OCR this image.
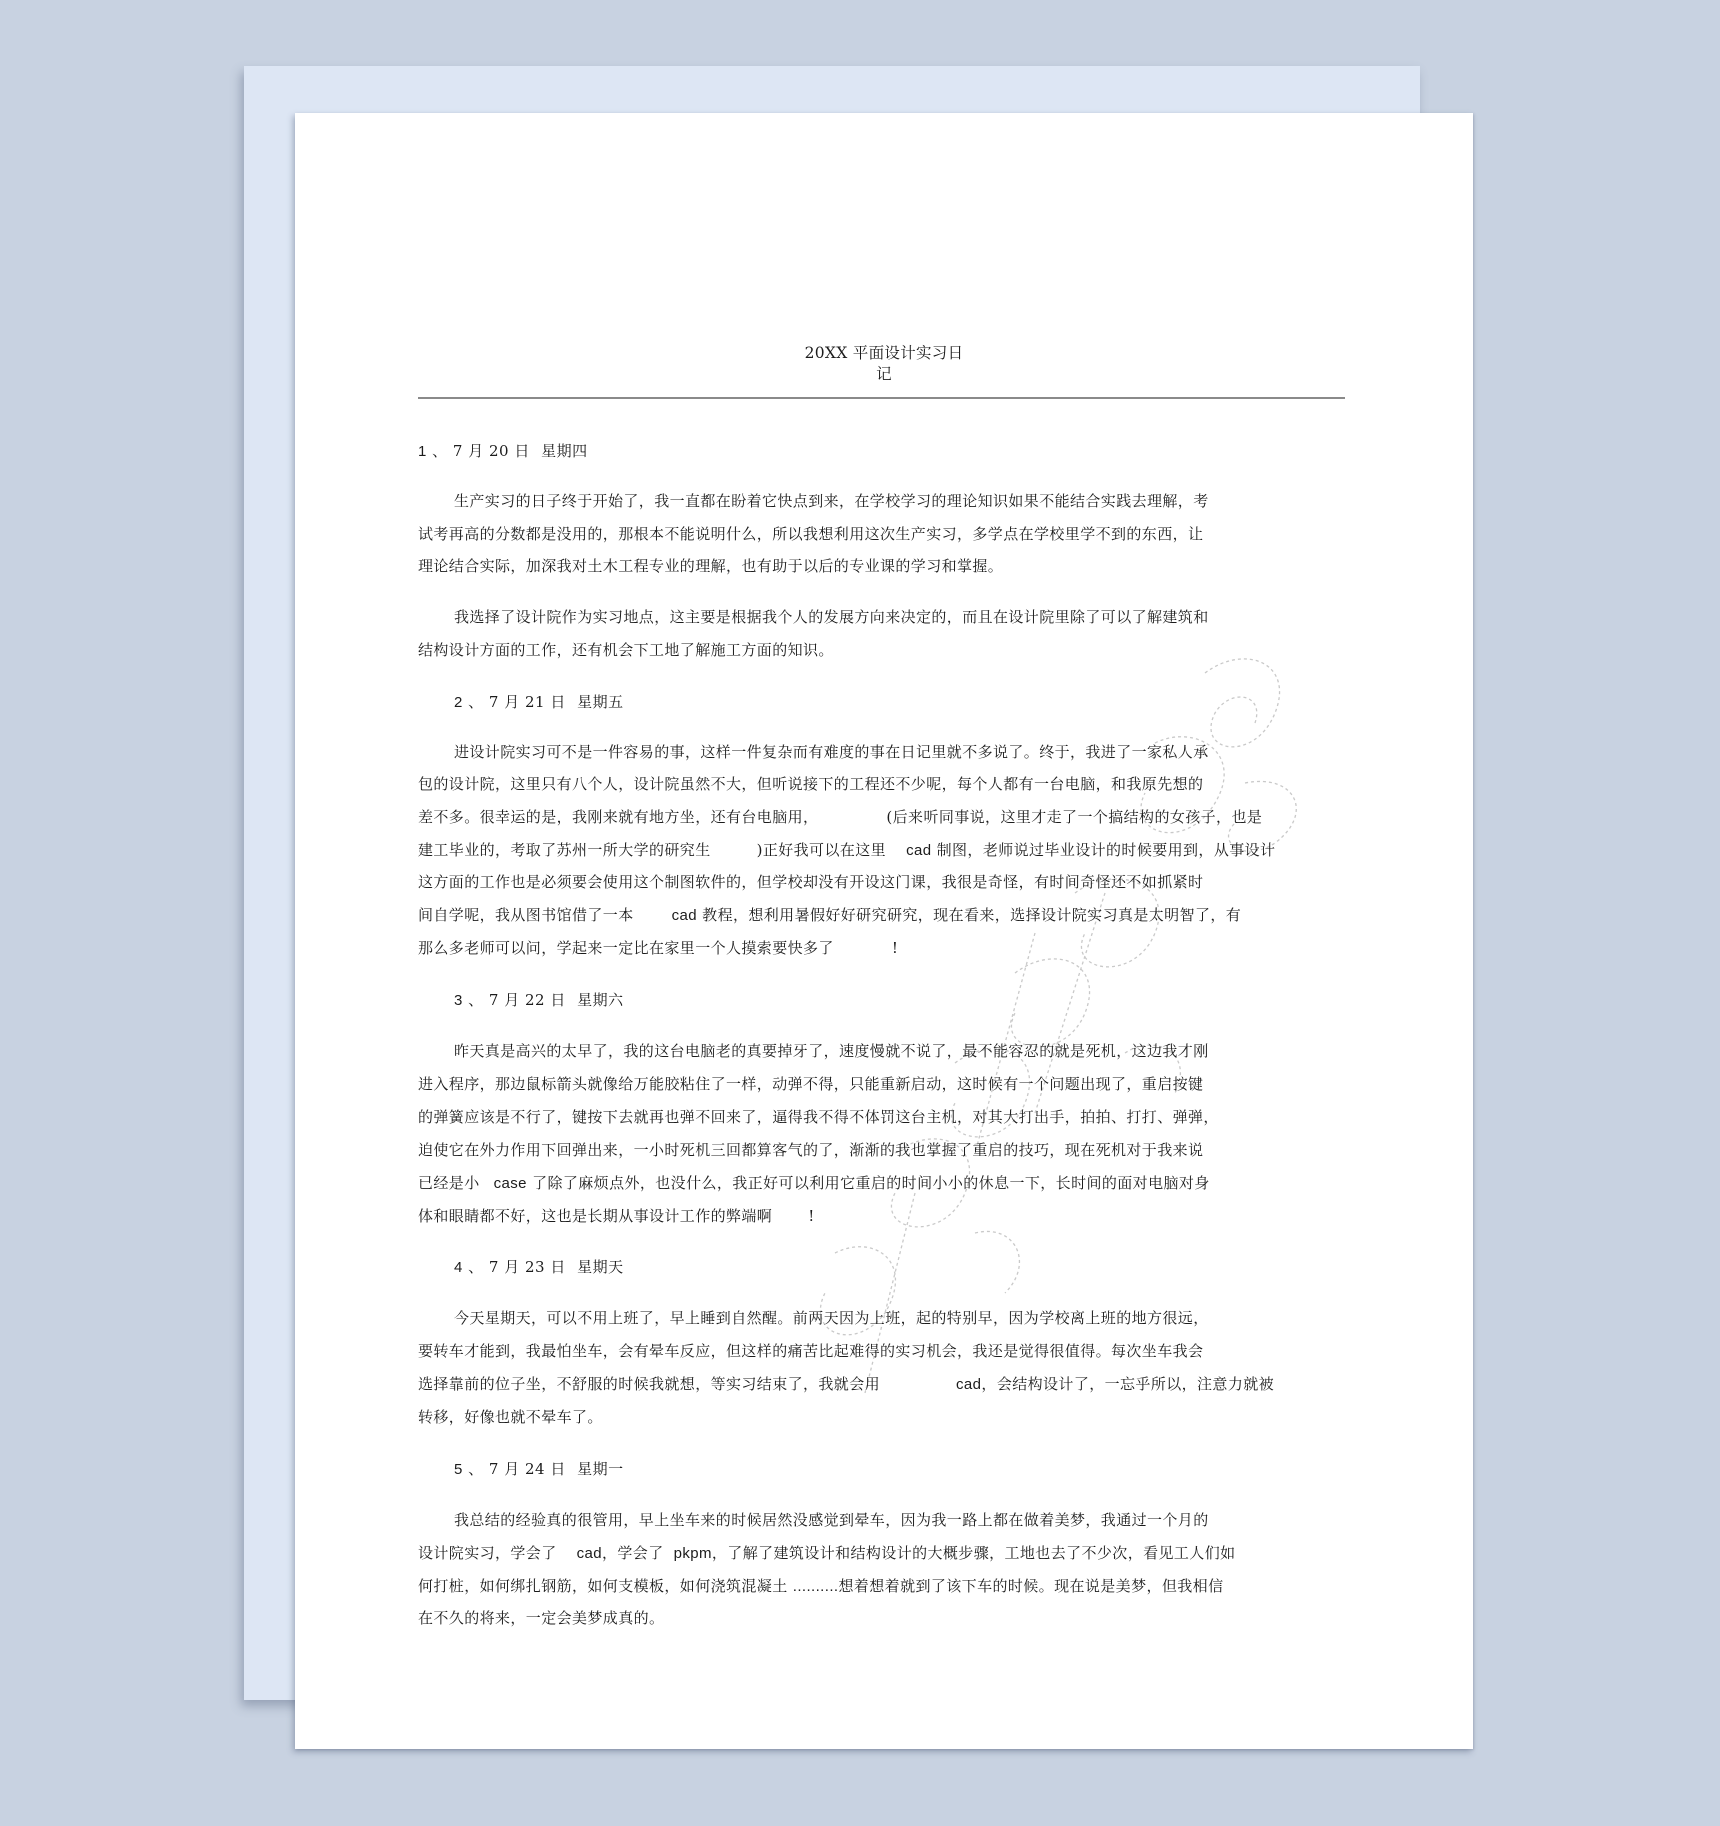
20XX 平面设计实习日
记
1 、 7 月 20 日 星期四
生产实习的日子终于开始了，我一直都在盼着它快点到来，在学校学习的理论知识如果不能结合实践去理解，考
试考再高的分数都是没用的，那根本不能说明什么，所以我想利用这次生产实习，多学点在学校里学不到的东西，让
理论结合实际，加深我对土木工程专业的理解，也有助于以后的专业课的学习和掌握。
我选择了设计院作为实习地点，这主要是根据我个人的发展方向来决定的，而且在设计院里除了可以了解建筑和
结构设计方面的工作，还有机会下工地了解施工方面的知识。
2 、 7 月 21 日 星期五
进设计院实习可不是一件容易的事，这样一件复杂而有难度的事在日记里就不多说了。终于，我进了一家私人承
包的设计院，这里只有八个人，设计院虽然不大，但听说接下的工程还不少呢，每个人都有一台电脑，和我原先想的
差不多。很幸运的是，我刚来就有地方坐，还有台电脑用，	(后来听同事说，这里才走了一个搞结构的女孩子，也是
建工毕业的，考取了苏州一所大学的研究生	)正好我可以在这里 cad 制图，老师说过毕业设计的时候要用到，从事设计
这方面的工作也是必须要会使用这个制图软件的，但学校却没有开设这门课，我很是奇怪，有时间奇怪还不如抓紧时
间自学呢，我从图书馆借了一本	cad 教程，想利用暑假好好研究研究，现在看来，选择设计院实习真是太明智了，有
那么多老师可以问，学起来一定比在家里一个人摸索要快多了	!
3 、 7 月 22 日 星期六
昨天真是高兴的太早了，我的这台电脑老的真要掉牙了，速度慢就不说了，最不能容忍的就是死机，这边我才刚
进入程序，那边鼠标箭头就像给万能胶粘住了一样，动弹不得，只能重新启动，这时候有一个问题出现了，重启按键
的弹簧应该是不行了，键按下去就再也弹不回来了，逼得我不得不体罚这台主机，对其大打出手，拍拍、打打、弹弹，
迫使它在外力作用下回弹出来，一小时死机三回都算客气的了，渐渐的我也掌握了重启的技巧，现在死机对于我来说
已经是小 case 了除了麻烦点外，也没什么，我正好可以利用它重启的时间小小的休息一下，长时间的面对电脑对身
体和眼睛都不好，这也是长期从事设计工作的弊端啊 !
4 、 7 月 23 日 星期天
今天星期天，可以不用上班了，早上睡到自然醒。前两天因为上班，起的特别早，因为学校离上班的地方很远，
要转车才能到，我最怕坐车，会有晕车反应，但这样的痛苦比起难得的实习机会，我还是觉得很值得。每次坐车我会
选择靠前的位子坐，不舒服的时候我就想，等实习结束了，我就会用	cad，会结构设计了，一忘乎所以，注意力就被
转移，好像也就不晕车了。
5 、 7 月 24 日 星期一
我总结的经验真的很管用，早上坐车来的时候居然没感觉到晕车，因为我一路上都在做着美梦，我通过一个月的
设计院实习，学会了 cad，学会了 pkpm，了解了建筑设计和结构设计的大概步骤，工地也去了不少次，看见工人们如
何打桩，如何绑扎钢筋，如何支模板，如何浇筑混凝土 ..........想着想着就到了该下车的时候。现在说是美梦，但我相信
在不久的将来，一定会美梦成真的。
